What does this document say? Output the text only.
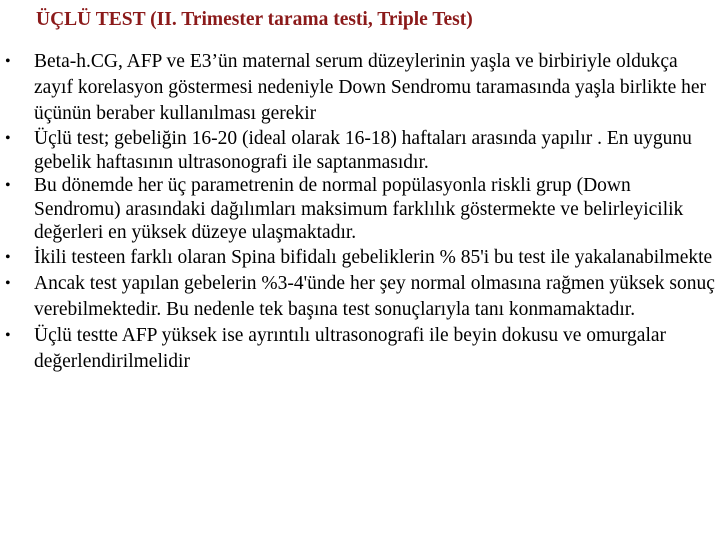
ÜÇLÜ TEST (II. Trimester tarama testi, Triple Test)
• Beta-h.CG, AFP ve E3’ün maternal serum düzeylerinin yaşla ve birbiriyle oldukça zayıf korelasyon göstermesi nedeniyle Down Sendromu taramasında yaşla birlikte her üçünün beraber kullanılması gerekir
• Üçlü test; gebeliğin 16-20 (ideal olarak 16-18) haftaları arasında yapılır . En uygunu gebelik haftasının ultrasonografi ile saptanmasıdır.
• Bu dönemde her üç parametrenin de normal popülasyonla riskli grup (Down Sendromu) arasındaki dağılımları maksimum farklılık göstermekte ve belirleyicilik değerleri en yüksek düzeye ulaşmaktadır.
• İkili testeen farklı olaran Spina bifidalı gebeliklerin % 85'i bu test ile yakalanabilmekte
• Ancak test yapılan gebelerin %3-4'ünde her şey normal olmasına rağmen yüksek sonuç verebilmektedir. Bu nedenle tek başına test sonuçlarıyla tanı konmamaktadır.
• Üçlü testte AFP yüksek ise ayrıntılı ultrasonografi ile beyin dokusu ve omurgalar değerlendirilmelidir
